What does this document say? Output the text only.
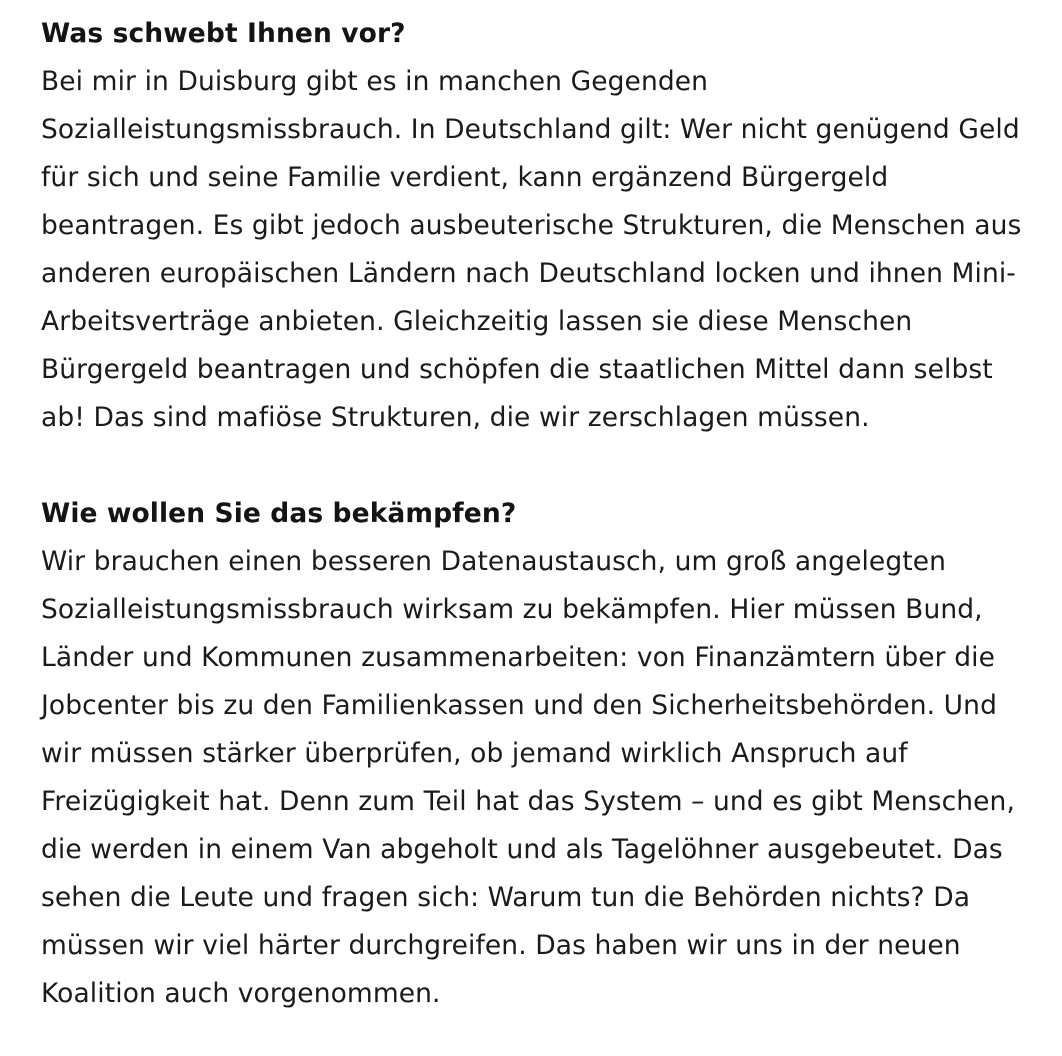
Was schwebt Ihnen vor?

Bei mir in Duisburg gibt es in manchen Gegenden Sozialleistungsmissbrauch. In Deutschland gilt: Wer nicht genügend Geld für sich und seine Familie verdient, kann ergänzend Bürgergeld beantragen. Es gibt jedoch ausbeuterische Strukturen, die Menschen aus anderen europäischen Ländern nach Deutschland locken und ihnen Mini-Arbeitsverträge anbieten. Gleichzeitig lassen sie diese Menschen Bürgergeld beantragen und schöpfen die staatlichen Mittel dann selbst ab! Das sind mafiöse Strukturen, die wir zerschlagen müssen.

Wie wollen Sie das bekämpfen?

Wir brauchen einen besseren Datenaustausch, um groß angelegten Sozialleistungsmissbrauch wirksam zu bekämpfen. Hier müssen Bund, Länder und Kommunen zusammenarbeiten: von Finanzämtern über die Jobcenter bis zu den Familienkassen und den Sicherheitsbehörden. Und wir müssen stärker überprüfen, ob jemand wirklich Anspruch auf Freizügigkeit hat. Denn zum Teil hat das System – und es gibt Menschen, die werden in einem Van abgeholt und als Tagelöhner ausgebeutet. Das sehen die Leute und fragen sich: Warum tun die Behörden nichts? Da müssen wir viel härter durchgreifen. Das haben wir uns in der neuen Koalition auch vorgenommen.
